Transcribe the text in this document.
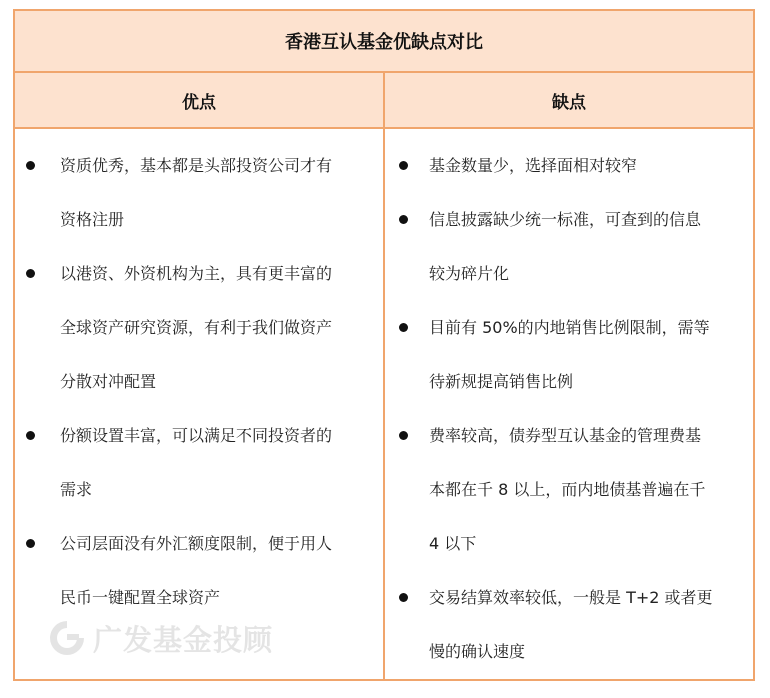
香港互认基金优缺点对比
优点	缺点
资质优秀，基本都是头部投资公司才有
资格注册
以港资、外资机构为主，具有更丰富的
全球资产研究资源，有利于我们做资产
分散对冲配置
份额设置丰富，可以满足不同投资者的
需求
公司层面没有外汇额度限制，便于用人
民币一键配置全球资产
基金数量少，选择面相对较窄
信息披露缺少统一标准，可查到的信息
较为碎片化
目前有 50%的内地销售比例限制，需等
待新规提高销售比例
费率较高，债券型互认基金的管理费基
本都在千 8 以上，而内地债基普遍在千
4 以下
交易结算效率较低，一般是 T+2 或者更
慢的确认速度
广发基金投顾
